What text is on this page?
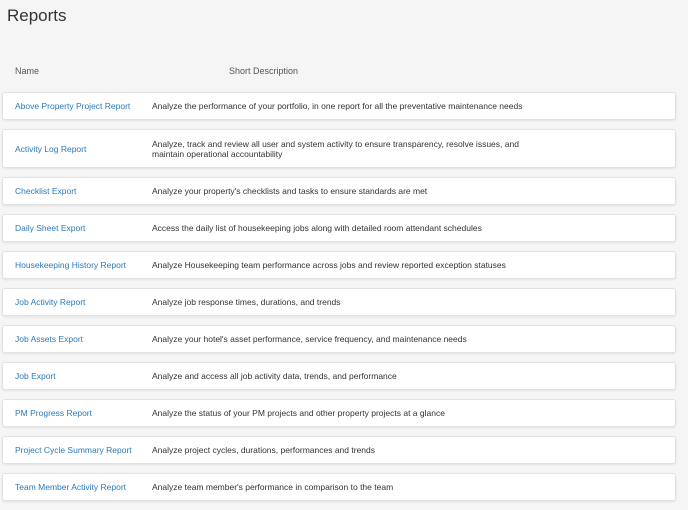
Reports
Name	Short Description
Above Property Project Report	Analyze the performance of your portfolio, in one report for all the preventative maintenance needs
Activity Log Report	Analyze, track and review all user and system activity to ensure transparency, resolve issues, and maintain operational accountability
Checklist Export	Analyze your property's checklists and tasks to ensure standards are met
Daily Sheet Export	Access the daily list of housekeeping jobs along with detailed room attendant schedules
Housekeeping History Report	Analyze Housekeeping team performance across jobs and review reported exception statuses
Job Activity Report	Analyze job response times, durations, and trends
Job Assets Export	Analyze your hotel's asset performance, service frequency, and maintenance needs
Job Export	Analyze and access all job activity data, trends, and performance
PM Progress Report	Analyze the status of your PM projects and other property projects at a glance
Project Cycle Summary Report	Analyze project cycles, durations, performances and trends
Team Member Activity Report	Analyze team member's performance in comparison to the team
